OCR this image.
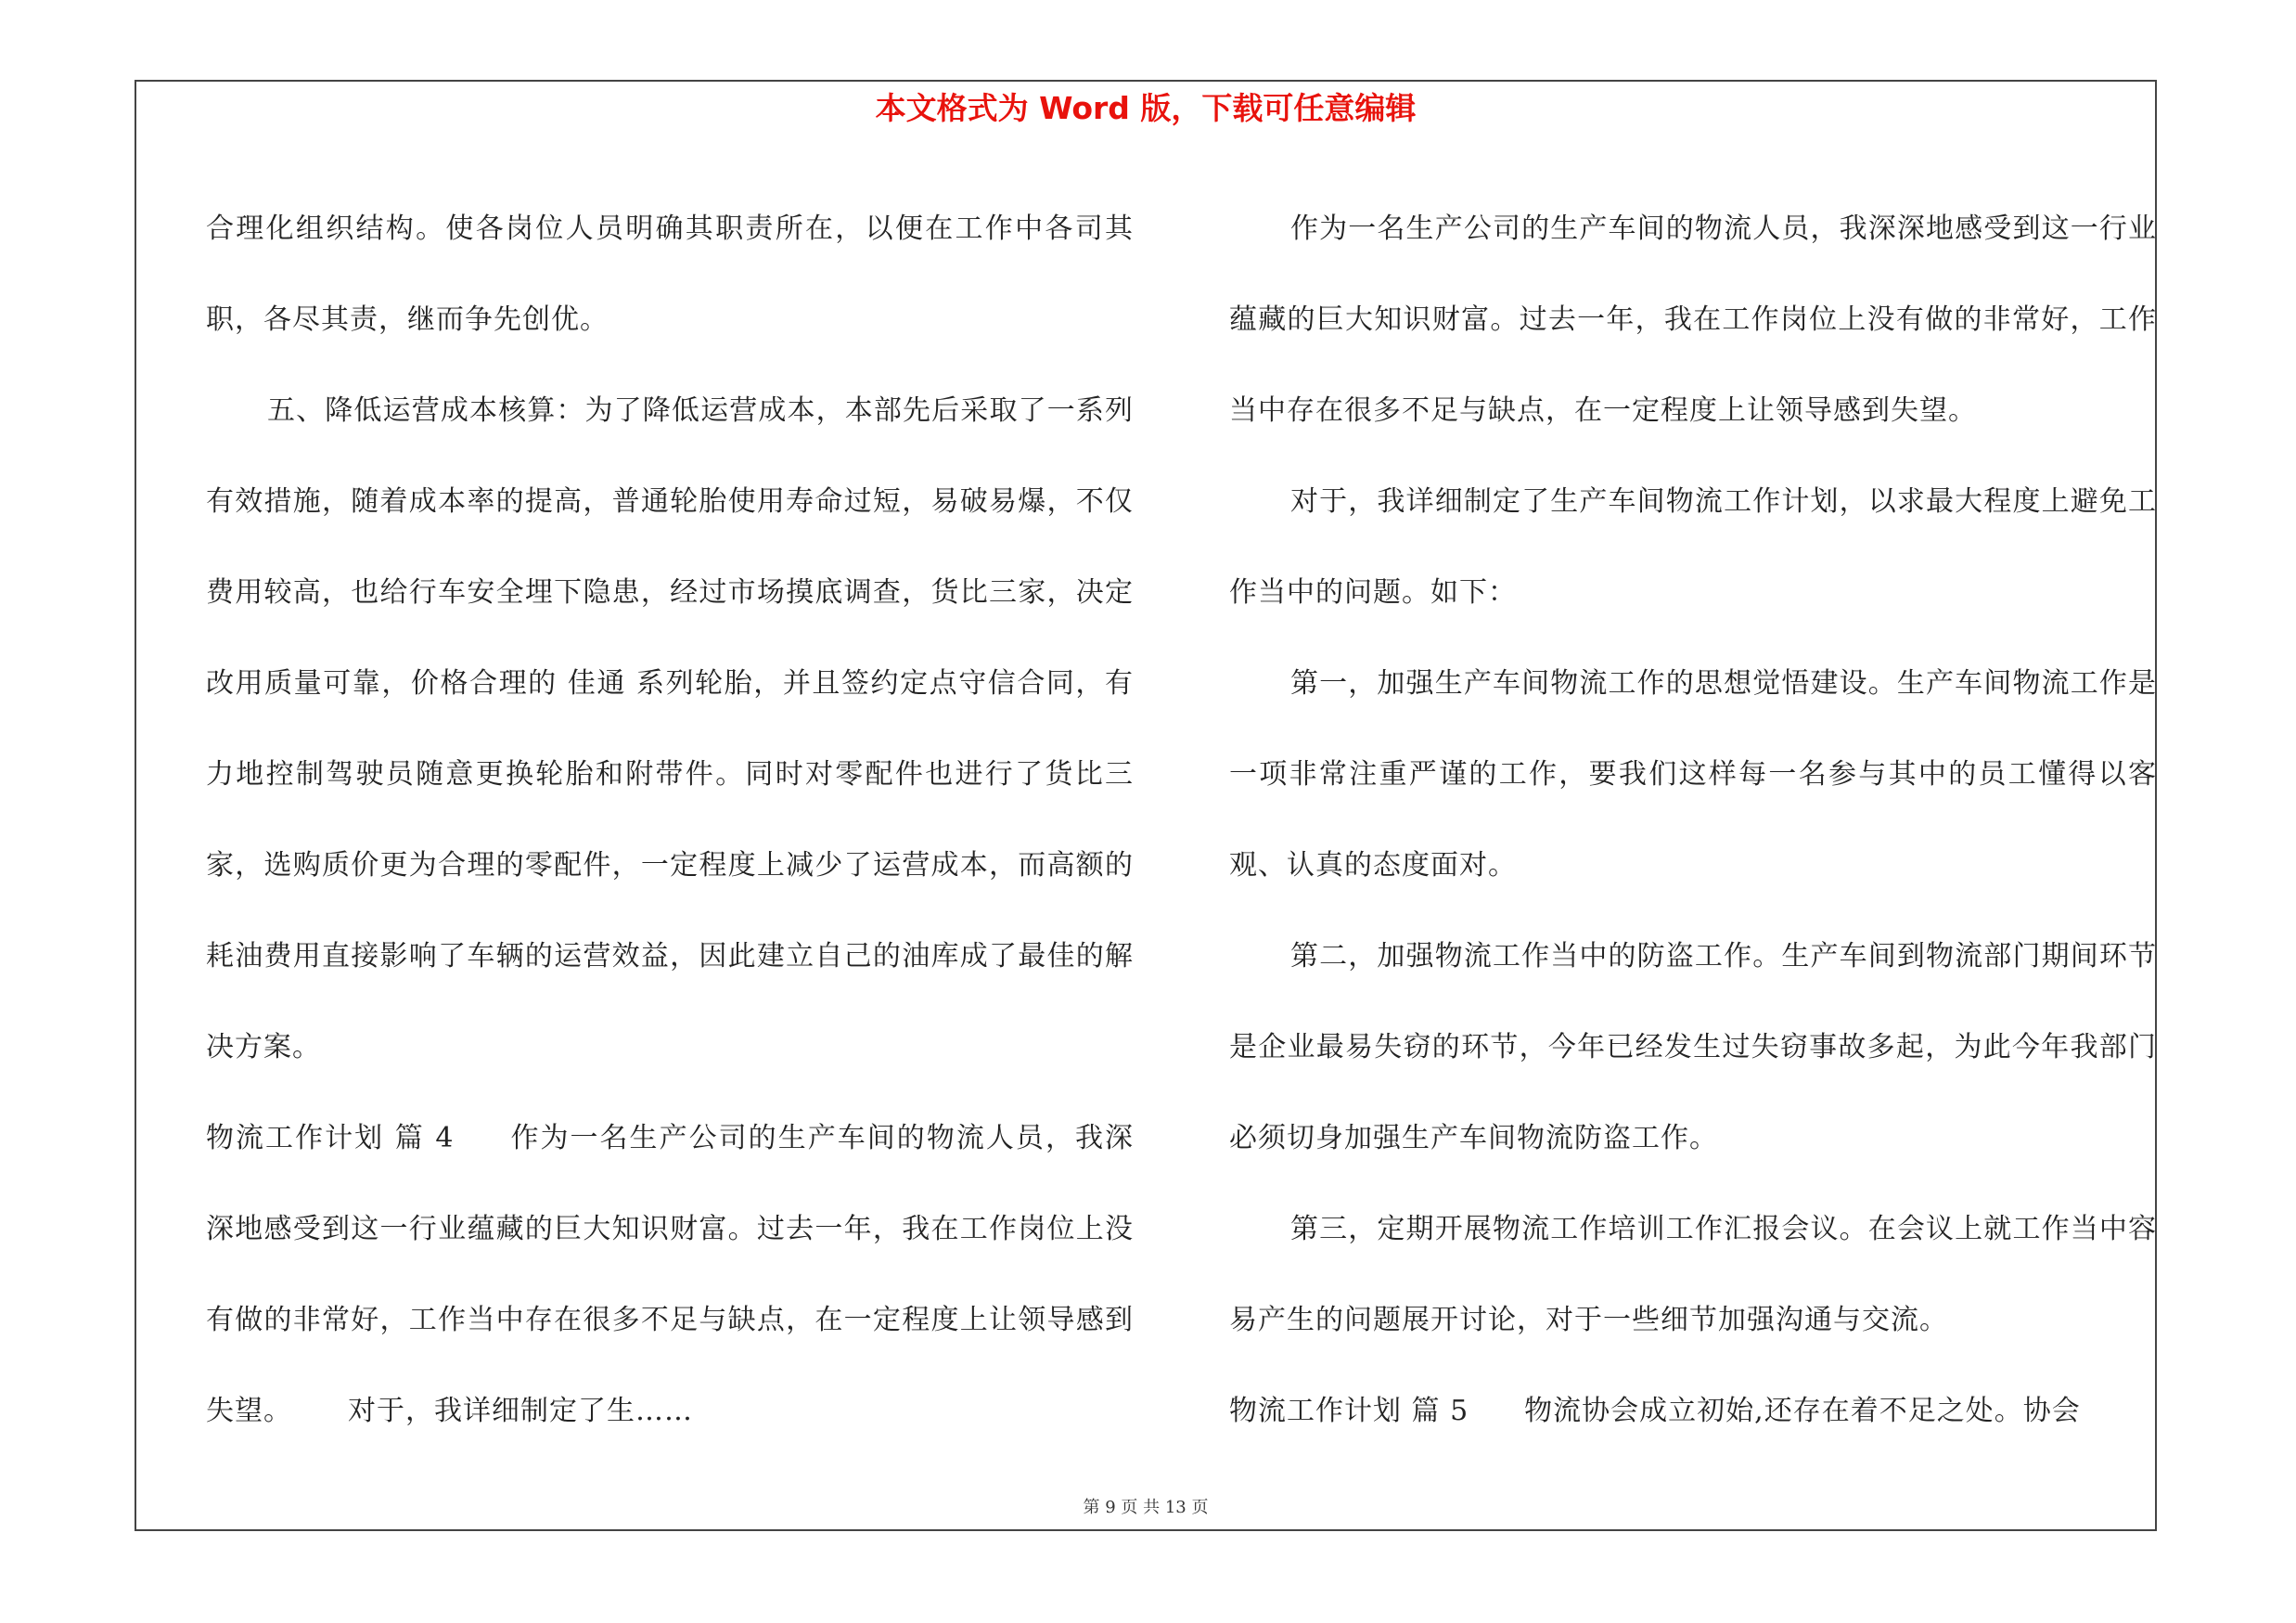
本文格式为 Word 版，下载可任意编辑

合理化组织结构。使各岗位人员明确其职责所在，以便在工作中各司其职，各尽其责，继而争先创优。

五、降低运营成本核算：为了降低运营成本，本部先后采取了一系列有效措施，随着成本率的提高，普通轮胎使用寿命过短，易破易爆，不仅费用较高，也给行车安全埋下隐患，经过市场摸底调查，货比三家，决定改用质量可靠，价格合理的 佳通 系列轮胎，并且签约定点守信合同，有力地控制驾驶员随意更换轮胎和附带件。同时对零配件也进行了货比三家，选购质价更为合理的零配件，一定程度上减少了运营成本，而高额的耗油费用直接影响了车辆的运营效益，因此建立自己的油库成了最佳的解决方案。

物流工作计划 篇 4 作为一名生产公司的生产车间的物流人员，我深深地感受到这一行业蕴藏的巨大知识财富。过去一年，我在工作岗位上没有做的非常好，工作当中存在很多不足与缺点，在一定程度上让领导感到失望。 对于，我详细制定了生……

作为一名生产公司的生产车间的物流人员，我深深地感受到这一行业蕴藏的巨大知识财富。过去一年，我在工作岗位上没有做的非常好，工作当中存在很多不足与缺点，在一定程度上让领导感到失望。

对于，我详细制定了生产车间物流工作计划，以求最大程度上避免工作当中的问题。如下：

第一，加强生产车间物流工作的思想觉悟建设。生产车间物流工作是一项非常注重严谨的工作，要我们这样每一名参与其中的员工懂得以客观、认真的态度面对。

第二，加强物流工作当中的防盗工作。生产车间到物流部门期间环节是企业最易失窃的环节，今年已经发生过失窃事故多起，为此今年我部门必须切身加强生产车间物流防盗工作。

第三，定期开展物流工作培训工作汇报会议。在会议上就工作当中容易产生的问题展开讨论，对于一些细节加强沟通与交流。

物流工作计划 篇 5 物流协会成立初始,还存在着不足之处。协会

第 9 页 共 13 页
